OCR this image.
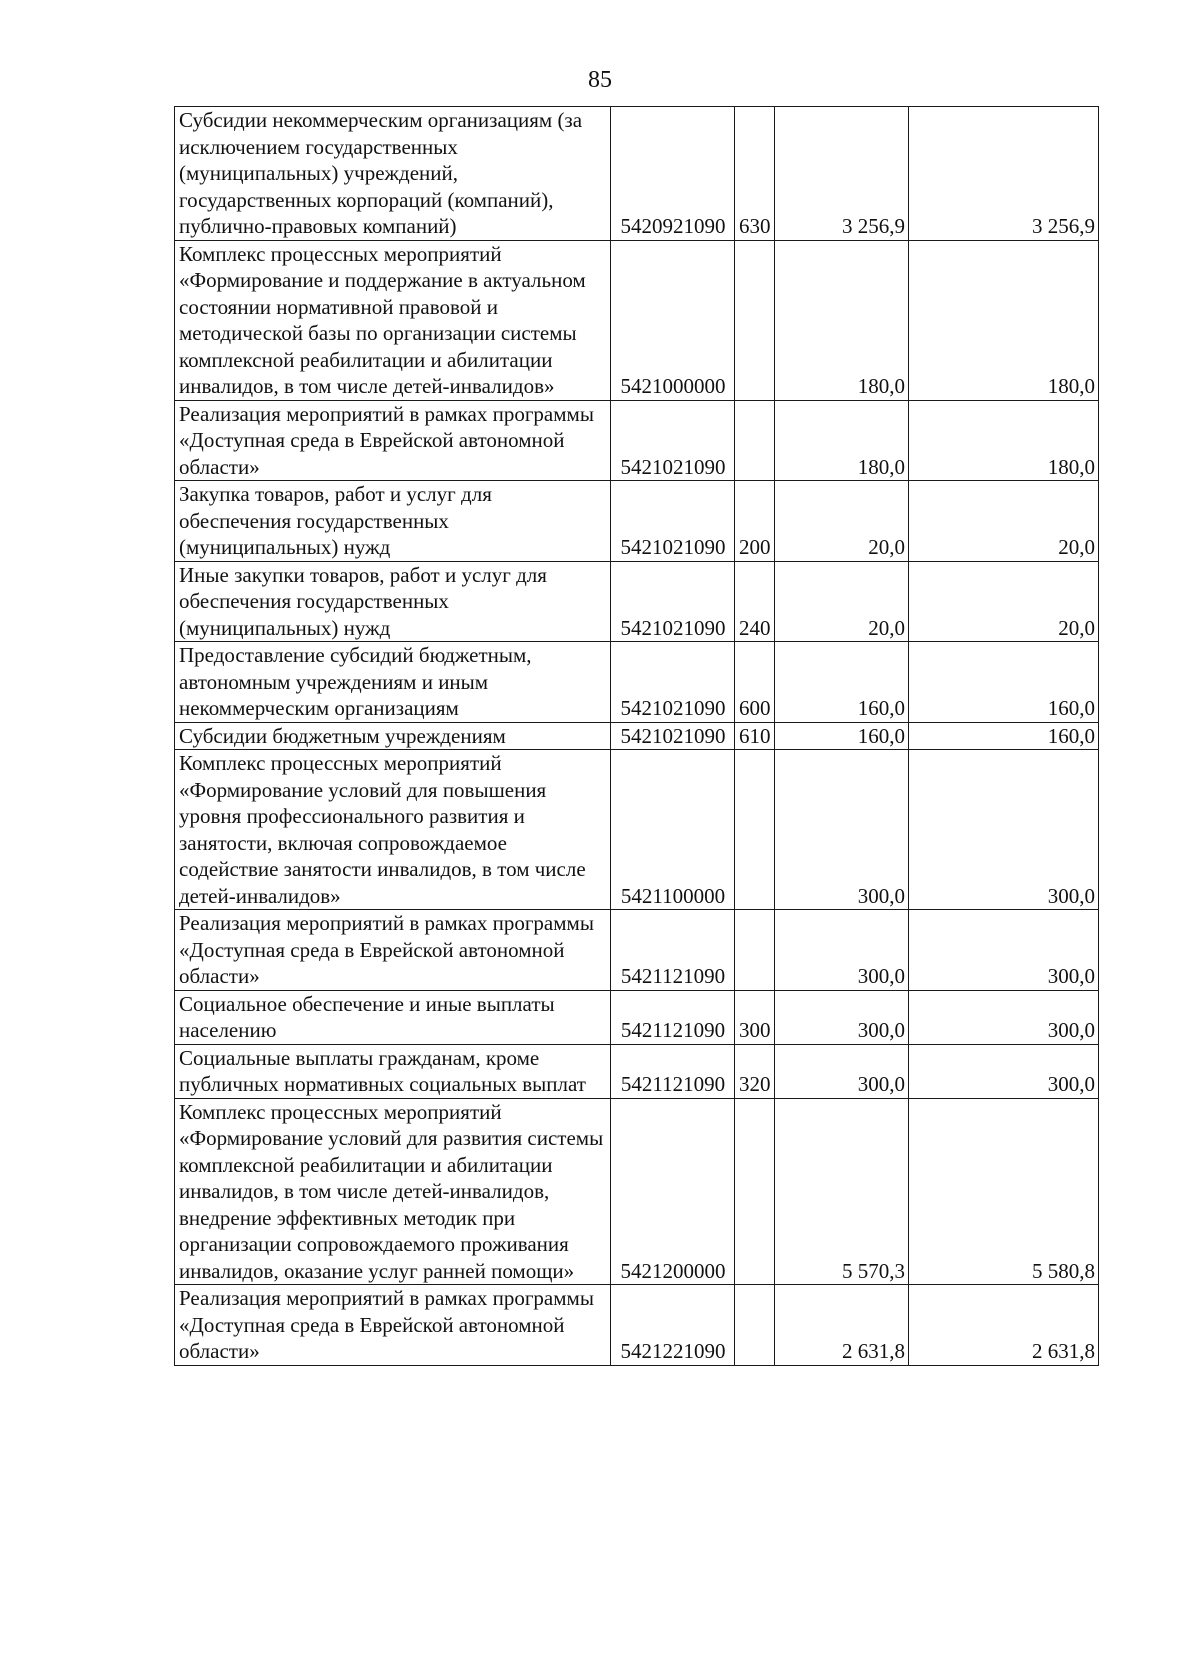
85
Субсидии некоммерческим организациям (за исключением государственных (муниципальных) учреждений, государственных корпораций (компаний), публично-правовых компаний)	5420921090	630	3 256,9	3 256,9
Комплекс процессных мероприятий «Формирование и поддержание в актуальном состоянии нормативной правовой и методической базы по организации системы комплексной реабилитации и абилитации инвалидов, в том числе детей-инвалидов»	5421000000		180,0	180,0
Реализация мероприятий в рамках программы «Доступная среда в Еврейской автономной области»	5421021090		180,0	180,0
Закупка товаров, работ и услуг для обеспечения государственных (муниципальных) нужд	5421021090	200	20,0	20,0
Иные закупки товаров, работ и услуг для обеспечения государственных (муниципальных) нужд	5421021090	240	20,0	20,0
Предоставление субсидий бюджетным, автономным учреждениям и иным некоммерческим организациям	5421021090	600	160,0	160,0
Субсидии бюджетным учреждениям	5421021090	610	160,0	160,0
Комплекс процессных мероприятий «Формирование условий для повышения уровня профессионального развития и занятости, включая сопровождаемое содействие занятости инвалидов, в том числе детей-инвалидов»	5421100000		300,0	300,0
Реализация мероприятий в рамках программы «Доступная среда в Еврейской автономной области»	5421121090		300,0	300,0
Социальное обеспечение и иные выплаты населению	5421121090	300	300,0	300,0
Социальные выплаты гражданам, кроме публичных нормативных социальных выплат	5421121090	320	300,0	300,0
Комплекс процессных мероприятий «Формирование условий для развития системы комплексной реабилитации и абилитации инвалидов, в том числе детей-инвалидов, внедрение эффективных методик при организации сопровождаемого проживания инвалидов, оказание услуг ранней помощи»	5421200000		5 570,3	5 580,8
Реализация мероприятий в рамках программы «Доступная среда в Еврейской автономной области»	5421221090		2 631,8	2 631,8
